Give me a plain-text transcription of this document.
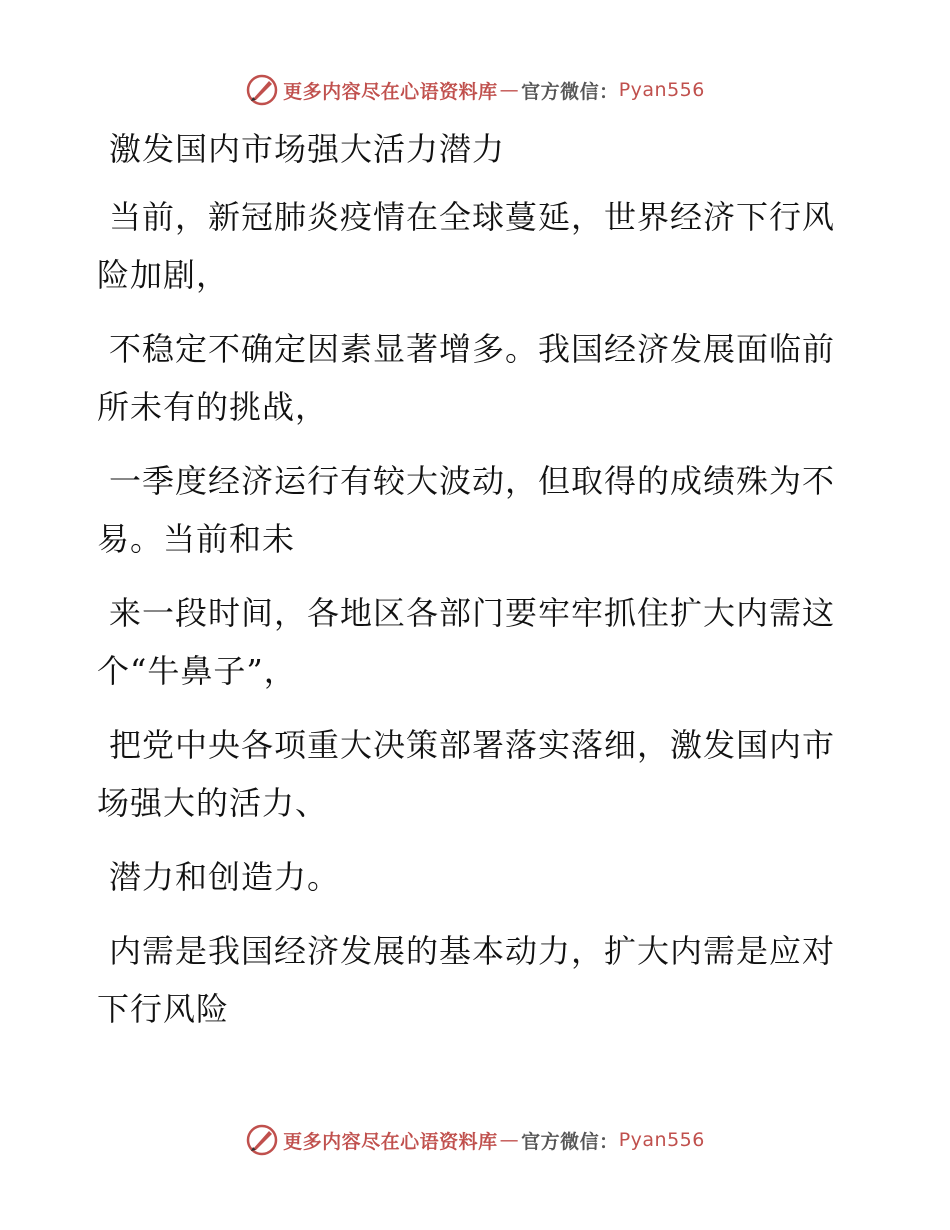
更多内容尽在心语资料库 — 官方微信： Pyan556

激发国内市场强大活力潜力

当前，新冠肺炎疫情在全球蔓延，世界经济下行风险加剧，

不稳定不确定因素显著增多。我国经济发展面临前所未有的挑战，

一季度经济运行有较大波动，但取得的成绩殊为不易。当前和未

来一段时间，各地区各部门要牢牢抓住扩大内需这个“牛鼻子”，

把党中央各项重大决策部署落实落细，激发国内市场强大的活力、

潜力和创造力。

内需是我国经济发展的基本动力，扩大内需是应对下行风险

更多内容尽在心语资料库 — 官方微信： Pyan556
